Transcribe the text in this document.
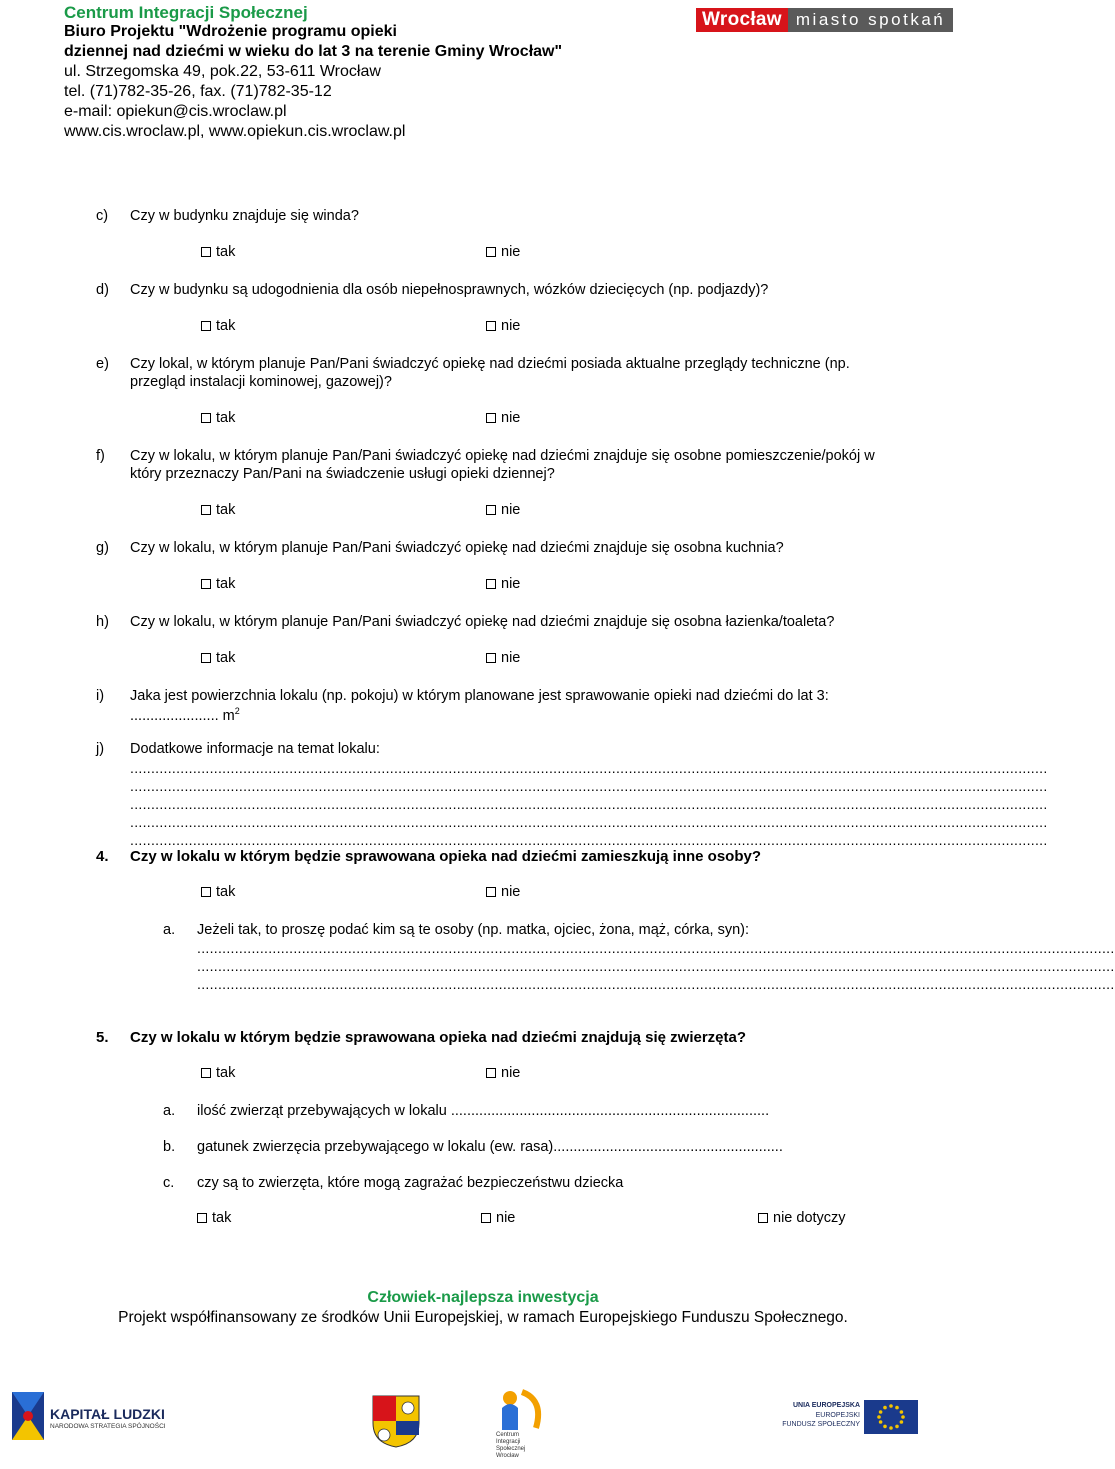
Centrum Integracji Społecznej
Biuro Projektu "Wdrożenie programu opieki
dziennej nad dziećmi w wieku do lat 3 na terenie Gminy Wrocław"
ul. Strzegomska 49, pok.22, 53-611 Wrocław
tel. (71)782-35-26, fax. (71)782-35-12
e-mail: opiekun@cis.wroclaw.pl
www.cis.wroclaw.pl, www.opiekun.cis.wroclaw.pl
Wrocław miasto spotkań
c) Czy w budynku znajduje się winda?
tak	nie
d) Czy w budynku są udogodnienia dla osób niepełnosprawnych, wózków dziecięcych (np. podjazdy)?
tak	nie
e) Czy lokal, w którym planuje Pan/Pani świadczyć opiekę nad dziećmi posiada aktualne przeglądy techniczne (np.
przegląd instalacji kominowej, gazowej)?
tak	nie
f) Czy w lokalu, w którym planuje Pan/Pani świadczyć opiekę nad dziećmi znajduje się osobne pomieszczenie/pokój w
który przeznaczy Pan/Pani na świadczenie usługi opieki dziennej?
tak	nie
g) Czy w lokalu, w którym planuje Pan/Pani świadczyć opiekę nad dziećmi znajduje się osobna kuchnia?
tak	nie
h) Czy w lokalu, w którym planuje Pan/Pani świadczyć opiekę nad dziećmi znajduje się osobna łazienka/toaleta?
tak	nie
i) Jaka jest powierzchnia lokalu (np. pokoju) w którym planowane jest sprawowanie opieki nad dziećmi do lat 3:
...................... $m^2$
j) Dodatkowe informacje na temat lokalu:
...........................................................................................................................................................................................................................
...........................................................................................................................................................................................................................
...........................................................................................................................................................................................................................
...........................................................................................................................................................................................................................
...........................................................................................................................................................................................................................
4. Czy w lokalu w którym będzie sprawowana opieka nad dziećmi zamieszkują inne osoby?
tak	nie
a. Jeżeli tak, to proszę podać kim są te osoby (np. matka, ojciec, żona, mąż, córka, syn):
...........................................................................................................................................................................................................................
...........................................................................................................................................................................................................................
...........................................................................................................................................................................................................................
5. Czy w lokalu w którym będzie sprawowana opieka nad dziećmi znajdują się zwierzęta?
tak	nie
a. ilość zwierząt przebywających w lokalu ...............................................................................
b. gatunek zwierzęcia przebywającego w lokalu (ew. rasa).........................................................
c. czy są to zwierzęta, które mogą zagrażać bezpieczeństwu dziecka
tak	nie	nie dotyczy
Człowiek-najlepsza inwestycja
Projekt współfinansowany ze środków Unii Europejskiej, w ramach Europejskiego Funduszu Społecznego.
KAPITAŁ LUDZKI
NARODOWA STRATEGIA SPÓJNOŚCI
Centrum
Integracji
Społecznej
Wrocław
UNIA EUROPEJSKA
EUROPEJSKI
FUNDUSZ SPOŁECZNY
